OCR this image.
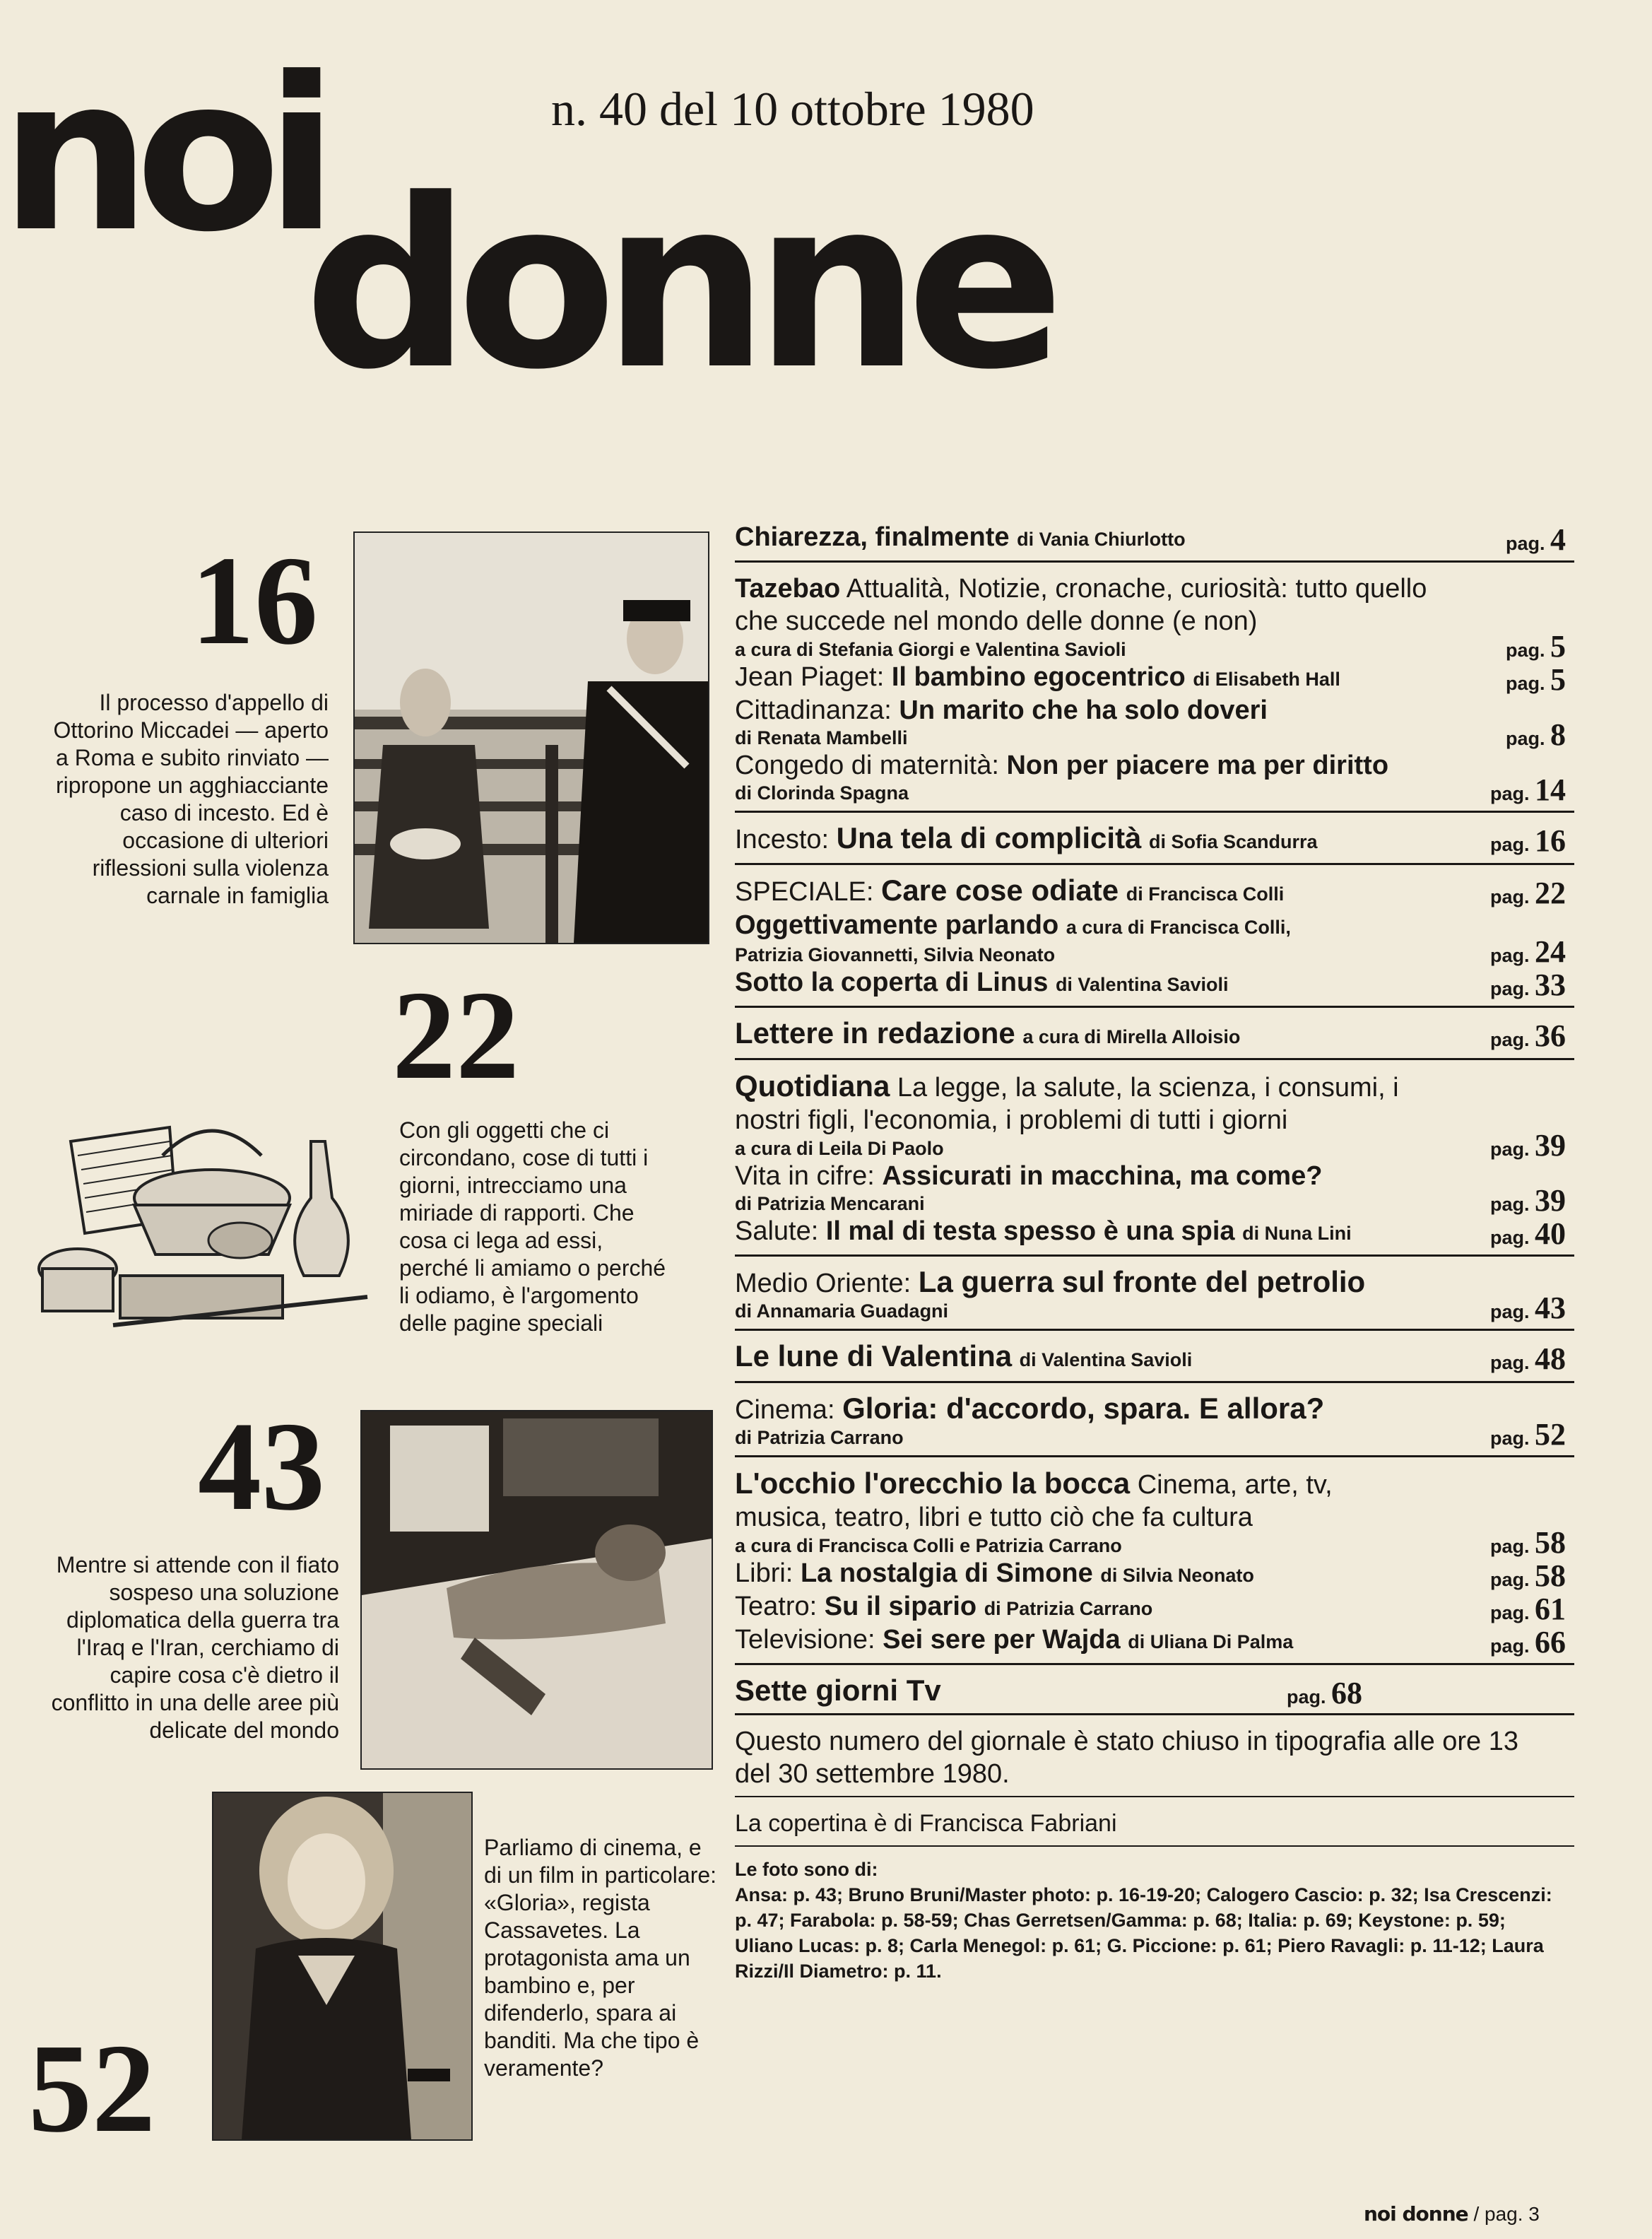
noi
donne
n. 40 del 10 ottobre 1980
16
Il processo d'appello di Ottorino Miccadei — aperto a Roma e subito rinviato — ripropone un agghiacciante caso di incesto. Ed è occasione di ulteriori riflessioni sulla violenza carnale in famiglia
22
Con gli oggetti che ci circondano, cose di tutti i giorni, intrecciamo una miriade di rapporti. Che cosa ci lega ad essi, perché li amiamo o perché li odiamo, è l'argomento delle pagine speciali
43
Mentre si attende con il fiato sospeso una soluzione diplomatica della guerra tra l'Iraq e l'Iran, cerchiamo di capire cosa c'è dietro il conflitto in una delle aree più delicate del mondo
52
Parliamo di cinema, e di un film in particolare: «Gloria», regista Cassavetes. La protagonista ama un bambino e, per difenderlo, spara ai banditi. Ma che tipo è veramente?
Chiarezza, finalmente di Vania Chiurlotto	pag. 4
Tazebao Attualità, Notizie, cronache, curiosità: tutto quello che succede nel mondo delle donne (e non)
a cura di Stefania Giorgi e Valentina Savioli	pag. 5
Jean Piaget: Il bambino egocentrico di Elisabeth Hall	pag. 5
Cittadinanza: Un marito che ha solo doveri
di Renata Mambelli	pag. 8
Congedo di maternità: Non per piacere ma per diritto
di Clorinda Spagna	pag. 14
Incesto: Una tela di complicità di Sofia Scandurra	pag. 16
SPECIALE: Care cose odiate di Francisca Colli	pag. 22
Oggettivamente parlando a cura di Francisca Colli,
Patrizia Giovannetti, Silvia Neonato	pag. 24
Sotto la coperta di Linus di Valentina Savioli	pag. 33
Lettere in redazione a cura di Mirella Alloisio	pag. 36
Quotidiana La legge, la salute, la scienza, i consumi, i nostri figli, l'economia, i problemi di tutti i giorni
a cura di Leila Di Paolo	pag. 39
Vita in cifre: Assicurati in macchina, ma come?
di Patrizia Mencarani	pag. 39
Salute: Il mal di testa spesso è una spia di Nuna Lini	pag. 40
Medio Oriente: La guerra sul fronte del petrolio
di Annamaria Guadagni	pag. 43
Le lune di Valentina di Valentina Savioli	pag. 48
Cinema: Gloria: d'accordo, spara. E allora?
di Patrizia Carrano	pag. 52
L'occhio l'orecchio la bocca Cinema, arte, tv, musica, teatro, libri e tutto ciò che fa cultura
a cura di Francisca Colli e Patrizia Carrano	pag. 58
Libri: La nostalgia di Simone di Silvia Neonato	pag. 58
Teatro: Su il sipario di Patrizia Carrano	pag. 61
Televisione: Sei sere per Wajda di Uliana Di Palma	pag. 66
Sette giorni Tv	pag. 68
Questo numero del giornale è stato chiuso in tipografia alle ore 13 del 30 settembre 1980.
La copertina è di Francisca Fabriani
Le foto sono di:
Ansa: p. 43; Bruno Bruni/Master photo: p. 16-19-20; Calogero Cascio: p. 32; Isa Crescenzi: p. 47; Farabola: p. 58-59; Chas Gerretsen/Gamma: p. 68; Italia: p. 69; Keystone: p. 59; Uliano Lucas: p. 8; Carla Menegol: p. 61; G. Piccione: p. 61; Piero Ravagli: p. 11-12; Laura Rizzi/Il Diametro: p. 11.
noi donne / pag. 3
